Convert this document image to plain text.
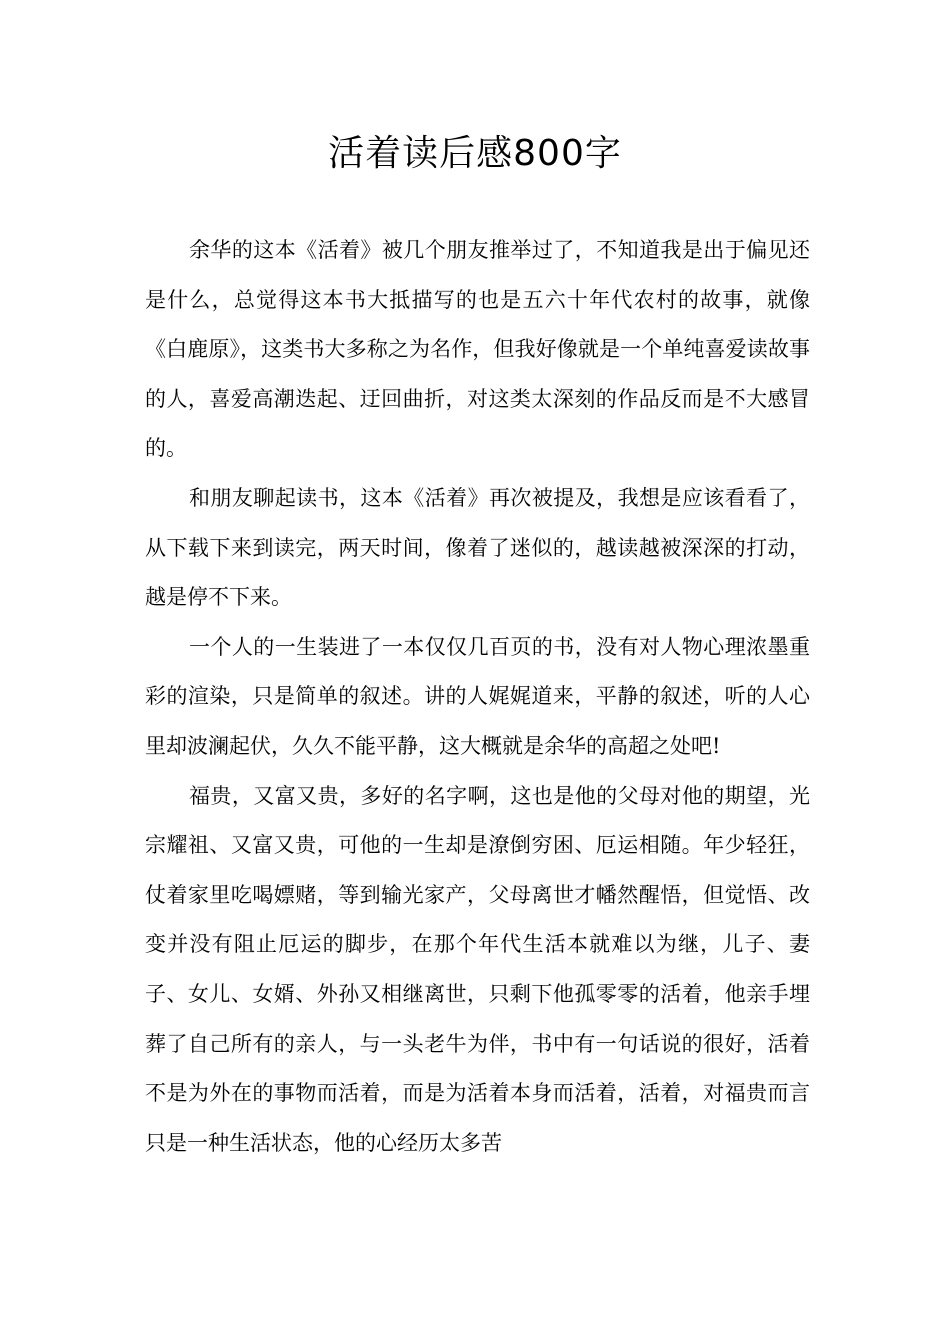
活着读后感800字

余华的这本《活着》被几个朋友推举过了，不知道我是出于偏见还是什么，总觉得这本书大抵描写的也是五六十年代农村的故事，就像《白鹿原》，这类书大多称之为名作，但我好像就是一个单纯喜爱读故事的人，喜爱高潮迭起、迂回曲折，对这类太深刻的作品反而是不大感冒的。

和朋友聊起读书，这本《活着》再次被提及，我想是应该看看了，从下载下来到读完，两天时间，像着了迷似的，越读越被深深的打动，越是停不下来。

一个人的一生装进了一本仅仅几百页的书，没有对人物心理浓墨重彩的渲染，只是简单的叙述。讲的人娓娓道来，平静的叙述，听的人心里却波澜起伏，久久不能平静，这大概就是余华的高超之处吧!

福贵，又富又贵，多好的名字啊，这也是他的父母对他的期望，光宗耀祖、又富又贵，可他的一生却是潦倒穷困、厄运相随。年少轻狂，仗着家里吃喝嫖赌，等到输光家产，父母离世才幡然醒悟，但觉悟、改变并没有阻止厄运的脚步，在那个年代生活本就难以为继，儿子、妻子、女儿、女婿、外孙又相继离世，只剩下他孤零零的活着，他亲手埋葬了自己所有的亲人，与一头老牛为伴，书中有一句话说的很好，活着不是为外在的事物而活着，而是为活着本身而活着，活着，对福贵而言只是一种生活状态，他的心经历太多苦
